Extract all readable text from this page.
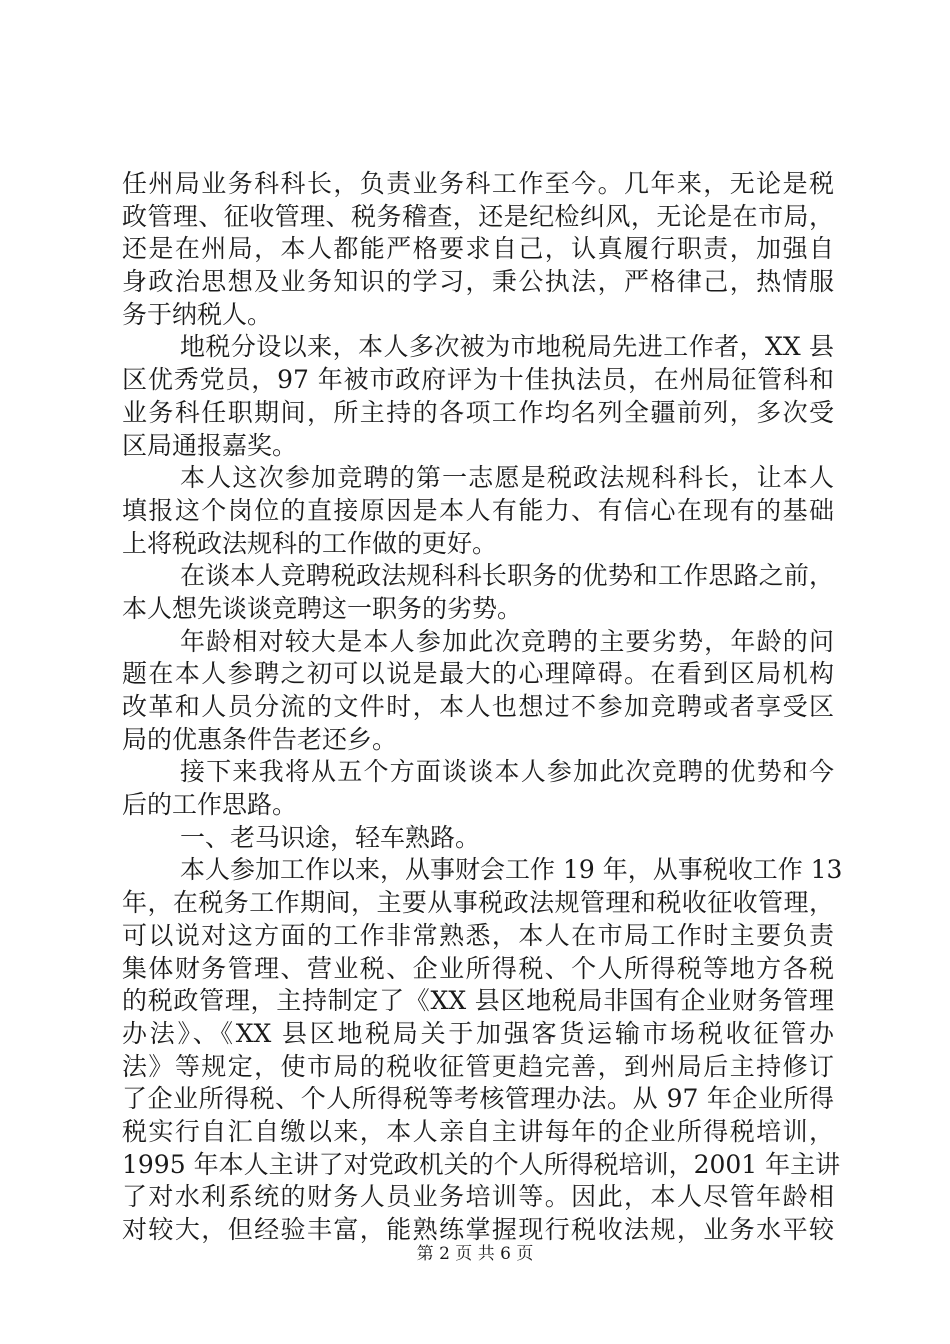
任州局业务科科长，负责业务科工作至今。几年来，无论是税
政管理、征收管理、税务稽查，还是纪检纠风，无论是在市局，
还是在州局，本人都能严格要求自己，认真履行职责，加强自
身政治思想及业务知识的学习，秉公执法，严格律己，热情服
务于纳税人。
地税分设以来，本人多次被为市地税局先进工作者，XX 县
区优秀党员，97 年被市政府评为十佳执法员，在州局征管科和
业务科任职期间，所主持的各项工作均名列全疆前列，多次受
区局通报嘉奖。
本人这次参加竞聘的第一志愿是税政法规科科长，让本人
填报这个岗位的直接原因是本人有能力、有信心在现有的基础
上将税政法规科的工作做的更好。
在谈本人竞聘税政法规科科长职务的优势和工作思路之前，
本人想先谈谈竞聘这一职务的劣势。
年龄相对较大是本人参加此次竞聘的主要劣势，年龄的问
题在本人参聘之初可以说是最大的心理障碍。在看到区局机构
改革和人员分流的文件时，本人也想过不参加竞聘或者享受区
局的优惠条件告老还乡。
接下来我将从五个方面谈谈本人参加此次竞聘的优势和今
后的工作思路。
一、老马识途，轻车熟路。
本人参加工作以来，从事财会工作 19 年，从事税收工作 13
年，在税务工作期间，主要从事税政法规管理和税收征收管理，
可以说对这方面的工作非常熟悉，本人在市局工作时主要负责
集体财务管理、营业税、企业所得税、个人所得税等地方各税
的税政管理，主持制定了《XX 县区地税局非国有企业财务管理
办法》、《XX 县区地税局关于加强客货运输市场税收征管办
法》等规定，使市局的税收征管更趋完善，到州局后主持修订
了企业所得税、个人所得税等考核管理办法。从 97 年企业所得
税实行自汇自缴以来，本人亲自主讲每年的企业所得税培训，
1995 年本人主讲了对党政机关的个人所得税培训，2001 年主讲
了对水利系统的财务人员业务培训等。因此，本人尽管年龄相
对较大，但经验丰富，能熟练掌握现行税收法规，业务水平较
第 2 页 共 6 页
